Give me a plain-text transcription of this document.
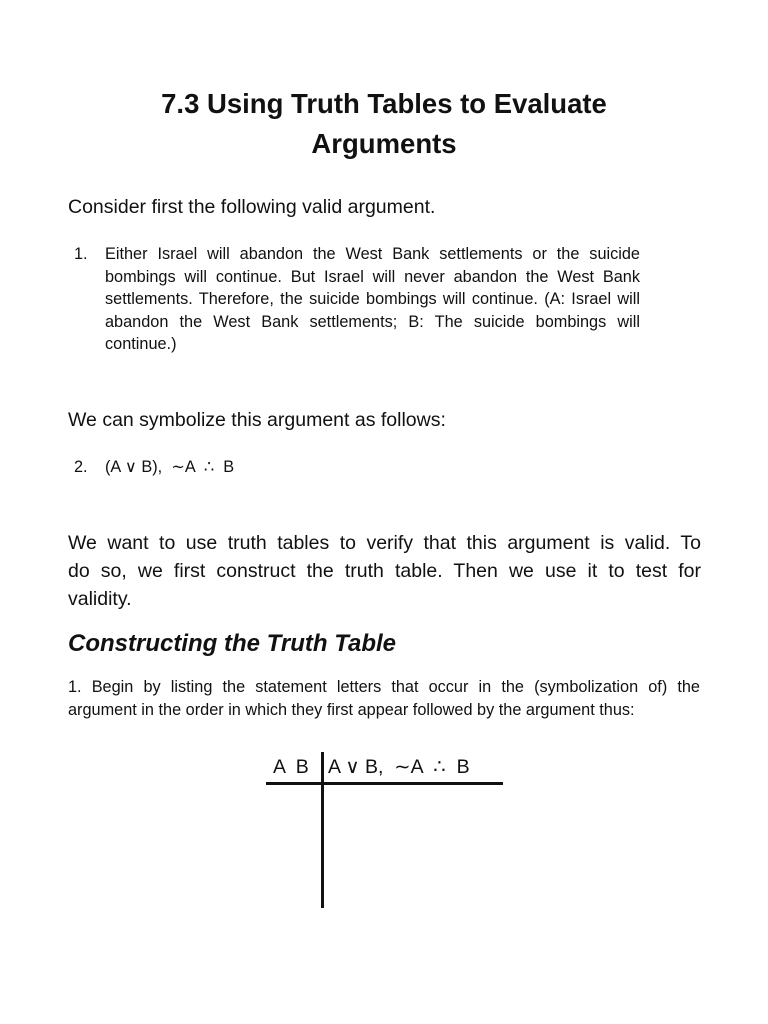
7.3 Using Truth Tables to Evaluate
Arguments

Consider first the following valid argument.

1. Either Israel will abandon the West Bank settlements or the suicide bombings will continue. But Israel will never abandon the West Bank settlements. Therefore, the suicide bombings will continue. (A: Israel will abandon the West Bank settlements; B: The suicide bombings will continue.)

We can symbolize this argument as follows:

2. (A ∨ B),  ∼A  ∴  B

We want to use truth tables to verify that this argument is valid. To
do so, we first construct the truth table. Then we use it to test for
validity.

Constructing the Truth Table

1. Begin by listing the statement letters that occur in the (symbolization of) the
argument in the order in which they first appear followed by the argument thus:

A  B A ∨ B,  ∼A  ∴  B
